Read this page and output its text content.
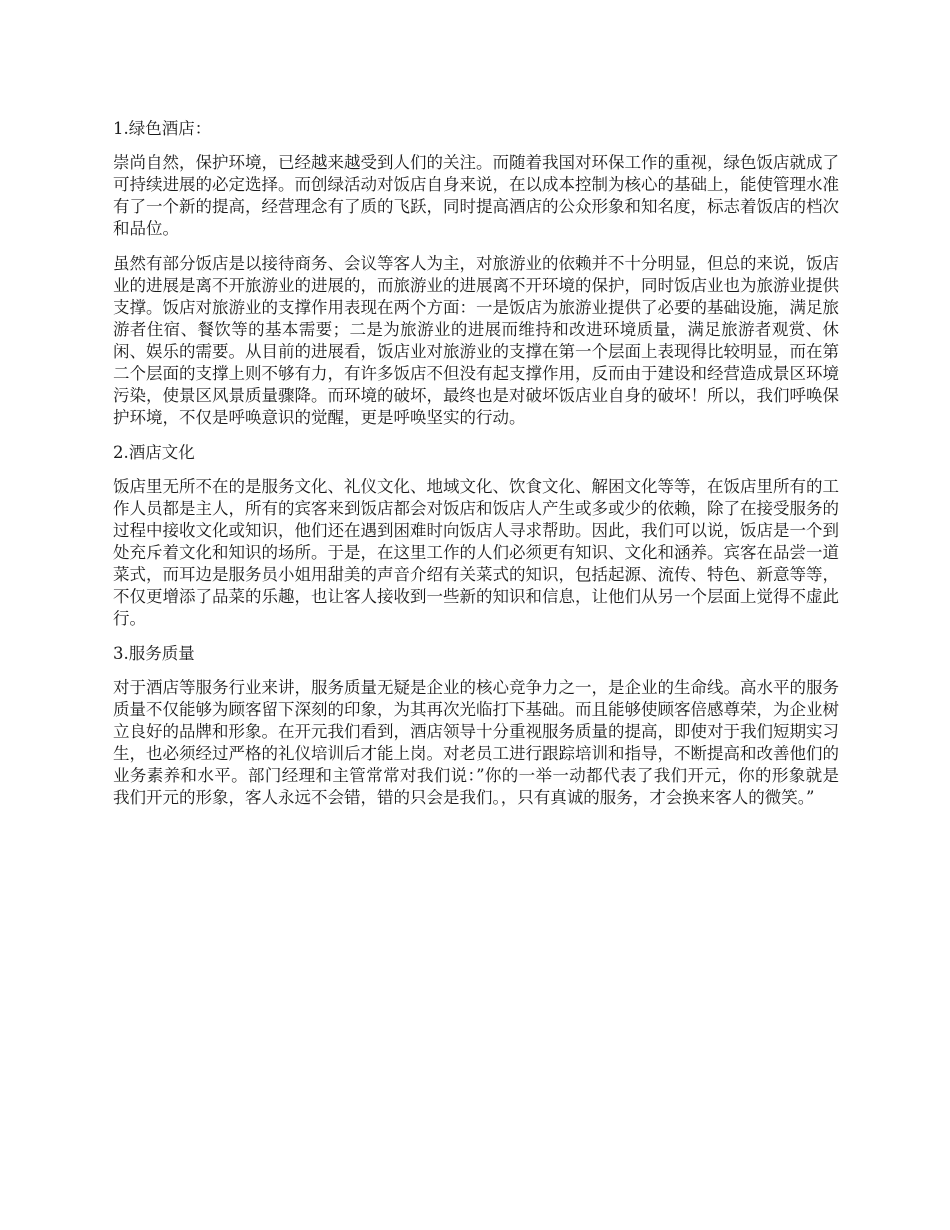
1.绿色酒店：

崇尚自然，保护环境，已经越来越受到人们的关注。而随着我国对环保工作的重视，绿色饭店就成了可持续进展的必定选择。而创绿活动对饭店自身来说，在以成本控制为核心的基础上，能使管理水准有了一个新的提高，经营理念有了质的飞跃，同时提高酒店的公众形象和知名度，标志着饭店的档次和品位。

虽然有部分饭店是以接待商务、会议等客人为主，对旅游业的依赖并不十分明显，但总的来说，饭店业的进展是离不开旅游业的进展的，而旅游业的进展离不开环境的保护，同时饭店业也为旅游业提供支撑。饭店对旅游业的支撑作用表现在两个方面：一是饭店为旅游业提供了必要的基础设施，满足旅游者住宿、餐饮等的基本需要；二是为旅游业的进展而维持和改进环境质量，满足旅游者观赏、休闲、娱乐的需要。从目前的进展看，饭店业对旅游业的支撑在第一个层面上表现得比较明显，而在第二个层面的支撑上则不够有力，有许多饭店不但没有起支撑作用，反而由于建设和经营造成景区环境污染，使景区风景质量骤降。而环境的破坏，最终也是对破坏饭店业自身的破坏！所以，我们呼唤保护环境，不仅是呼唤意识的觉醒，更是呼唤坚实的行动。

2.酒店文化

饭店里无所不在的是服务文化、礼仪文化、地域文化、饮食文化、解困文化等等，在饭店里所有的工作人员都是主人，所有的宾客来到饭店都会对饭店和饭店人产生或多或少的依赖，除了在接受服务的过程中接收文化或知识，他们还在遇到困难时向饭店人寻求帮助。因此，我们可以说，饭店是一个到处充斥着文化和知识的场所。于是，在这里工作的人们必须更有知识、文化和涵养。宾客在品尝一道菜式，而耳边是服务员小姐用甜美的声音介绍有关菜式的知识，包括起源、流传、特色、新意等等，不仅更增添了品菜的乐趣，也让客人接收到一些新的知识和信息，让他们从另一个层面上觉得不虚此行。

3.服务质量

对于酒店等服务行业来讲，服务质量无疑是企业的核心竞争力之一，是企业的生命线。高水平的服务质量不仅能够为顾客留下深刻的印象，为其再次光临打下基础。而且能够使顾客倍感尊荣，为企业树立良好的品牌和形象。在开元我们看到，酒店领导十分重视服务质量的提高，即使对于我们短期实习生，也必须经过严格的礼仪培训后才能上岗。对老员工进行跟踪培训和指导，不断提高和改善他们的业务素养和水平。部门经理和主管常常对我们说：”你的一举一动都代表了我们开元，你的形象就是我们开元的形象，客人永远不会错，错的只会是我们。，只有真诚的服务，才会换来客人的微笑。”
